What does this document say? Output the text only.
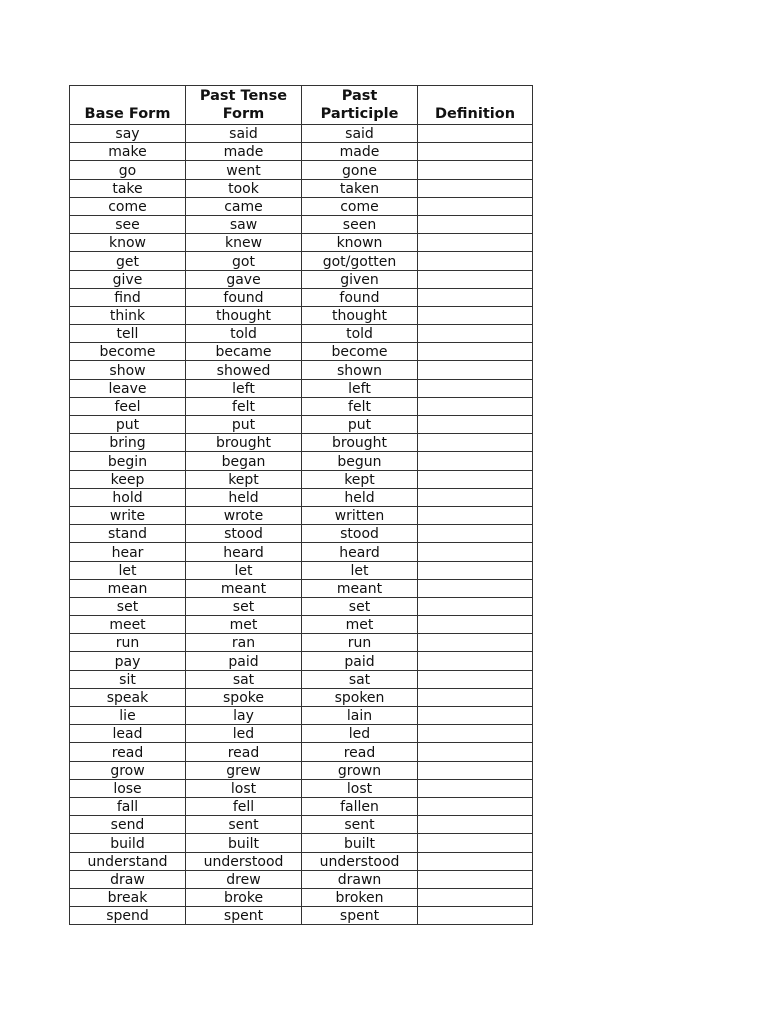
Base Form	Past Tense Form	Past Participle	Definition
say	said	said	
make	made	made	
go	went	gone	
take	took	taken	
come	came	come	
see	saw	seen	
know	knew	known	
get	got	got/gotten	
give	gave	given	
find	found	found	
think	thought	thought	
tell	told	told	
become	became	become	
show	showed	shown	
leave	left	left	
feel	felt	felt	
put	put	put	
bring	brought	brought	
begin	began	begun	
keep	kept	kept	
hold	held	held	
write	wrote	written	
stand	stood	stood	
hear	heard	heard	
let	let	let	
mean	meant	meant	
set	set	set	
meet	met	met	
run	ran	run	
pay	paid	paid	
sit	sat	sat	
speak	spoke	spoken	
lie	lay	lain	
lead	led	led	
read	read	read	
grow	grew	grown	
lose	lost	lost	
fall	fell	fallen	
send	sent	sent	
build	built	built	
understand	understood	understood	
draw	drew	drawn	
break	broke	broken	
spend	spent	spent	
